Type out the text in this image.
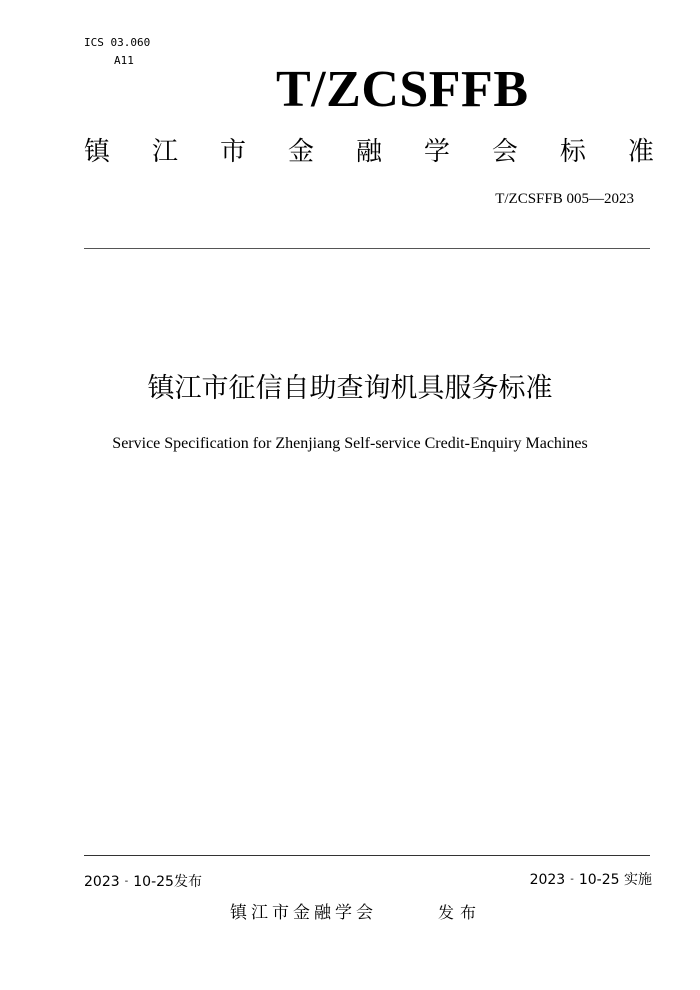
ICS 03.060
A11
T/ZCSFFB
镇 江 市 金 融 学 会 标 准
T/ZCSFFB 005—2023
镇江市征信自助查询机具服务标准
Service Specification for Zhenjiang Self-service Credit-Enquiry Machines
2023 - 10-25发布	2023 - 10-25 实施
镇江市金融学会	发布
